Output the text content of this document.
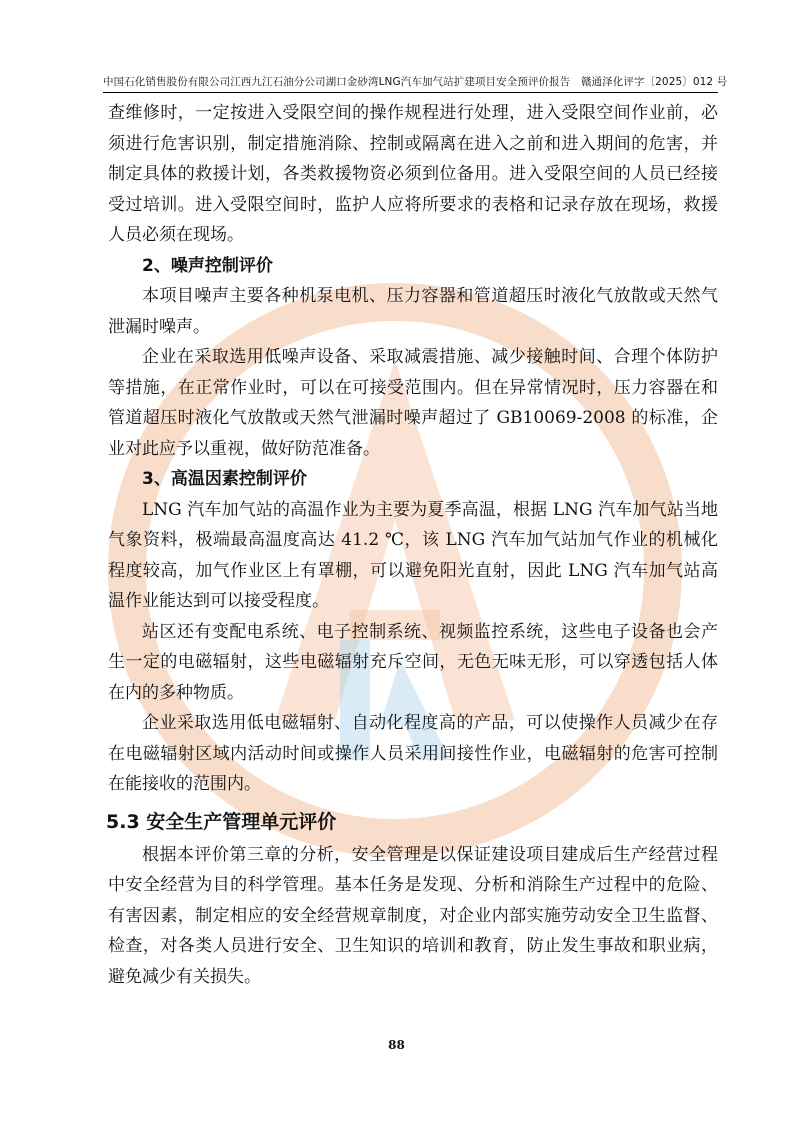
中国石化销售股份有限公司江西九江石油分公司湖口金砂湾LNG汽车加气站扩建项目安全预评价报告　赣通泽化评字〔2025〕012 号

查维修时，一定按进入受限空间的操作规程进行处理，进入受限空间作业前，必须进行危害识别，制定措施消除、控制或隔离在进入之前和进入期间的危害，并制定具体的救援计划，各类救援物资必须到位备用。进入受限空间的人员已经接受过培训。进入受限空间时，监护人应将所要求的表格和记录存放在现场，救援人员必须在现场。

2、噪声控制评价

本项目噪声主要各种机泵电机、压力容器和管道超压时液化气放散或天然气泄漏时噪声。

企业在采取选用低噪声设备、采取减震措施、减少接触时间、合理个体防护等措施，在正常作业时，可以在可接受范围内。但在异常情况时，压力容器在和管道超压时液化气放散或天然气泄漏时噪声超过了 GB10069-2008 的标准，企业对此应予以重视，做好防范准备。

3、高温因素控制评价

LNG 汽车加气站的高温作业为主要为夏季高温，根据 LNG 汽车加气站当地气象资料，极端最高温度高达 41.2 ℃，该 LNG 汽车加气站加气作业的机械化程度较高，加气作业区上有罩棚，可以避免阳光直射，因此 LNG 汽车加气站高温作业能达到可以接受程度。

站区还有变配电系统、电子控制系统、视频监控系统，这些电子设备也会产生一定的电磁辐射，这些电磁辐射充斥空间，无色无味无形，可以穿透包括人体在内的多种物质。

企业采取选用低电磁辐射、自动化程度高的产品，可以使操作人员减少在存在电磁辐射区域内活动时间或操作人员采用间接性作业，电磁辐射的危害可控制在能接收的范围内。

5.3 安全生产管理单元评价

根据本评价第三章的分析，安全管理是以保证建设项目建成后生产经营过程中安全经营为目的科学管理。基本任务是发现、分析和消除生产过程中的危险、有害因素，制定相应的安全经营规章制度，对企业内部实施劳动安全卫生监督、检查，对各类人员进行安全、卫生知识的培训和教育，防止发生事故和职业病，避免减少有关损失。

88
